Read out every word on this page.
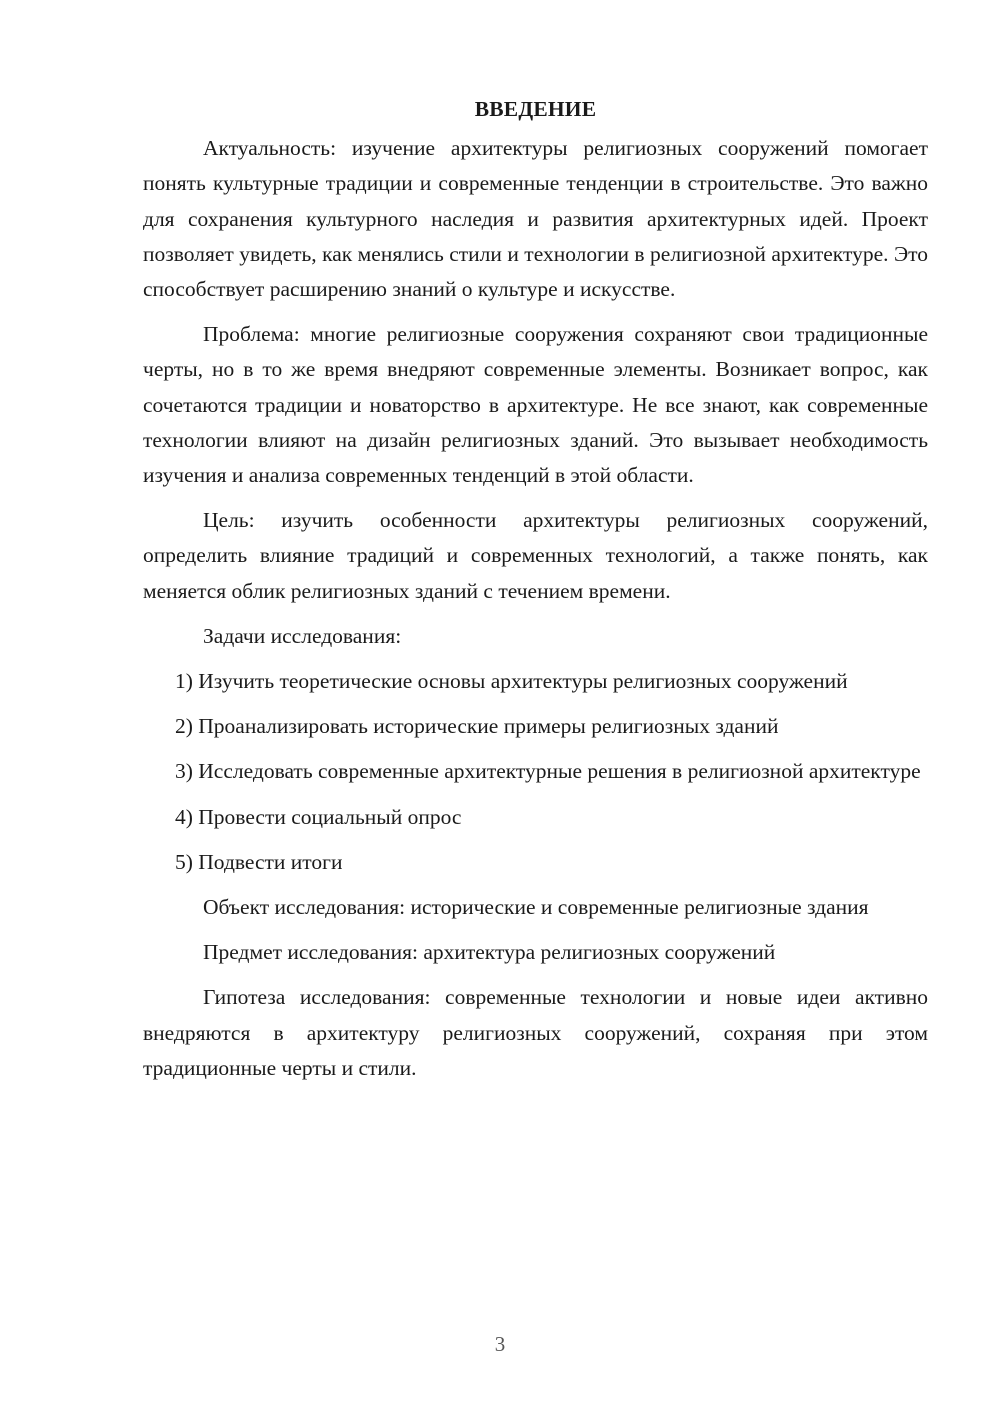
ВВЕДЕНИЕ

Актуальность: изучение архитектуры религиозных сооружений помогает понять культурные традиции и современные тенденции в строительстве. Это важно для сохранения культурного наследия и развития архитектурных идей. Проект позволяет увидеть, как менялись стили и технологии в религиозной архитектуре. Это способствует расширению знаний о культуре и искусстве.

Проблема: многие религиозные сооружения сохраняют свои традиционные черты, но в то же время внедряют современные элементы. Возникает вопрос, как сочетаются традиции и новаторство в архитектуре. Не все знают, как современные технологии влияют на дизайн религиозных зданий. Это вызывает необходимость изучения и анализа современных тенденций в этой области.

Цель: изучить особенности архитектуры религиозных сооружений, определить влияние традиций и современных технологий, а также понять, как меняется облик религиозных зданий с течением времени.

Задачи исследования:

1) Изучить теоретические основы архитектуры религиозных сооружений

2) Проанализировать исторические примеры религиозных зданий

3) Исследовать современные архитектурные решения в религиозной архитектуре

4) Провести социальный опрос

5) Подвести итоги

Объект исследования: исторические и современные религиозные здания

Предмет исследования: архитектура религиозных сооружений

Гипотеза исследования: современные технологии и новые идеи активно внедряются в архитектуру религиозных сооружений, сохраняя при этом традиционные черты и стили.

3
